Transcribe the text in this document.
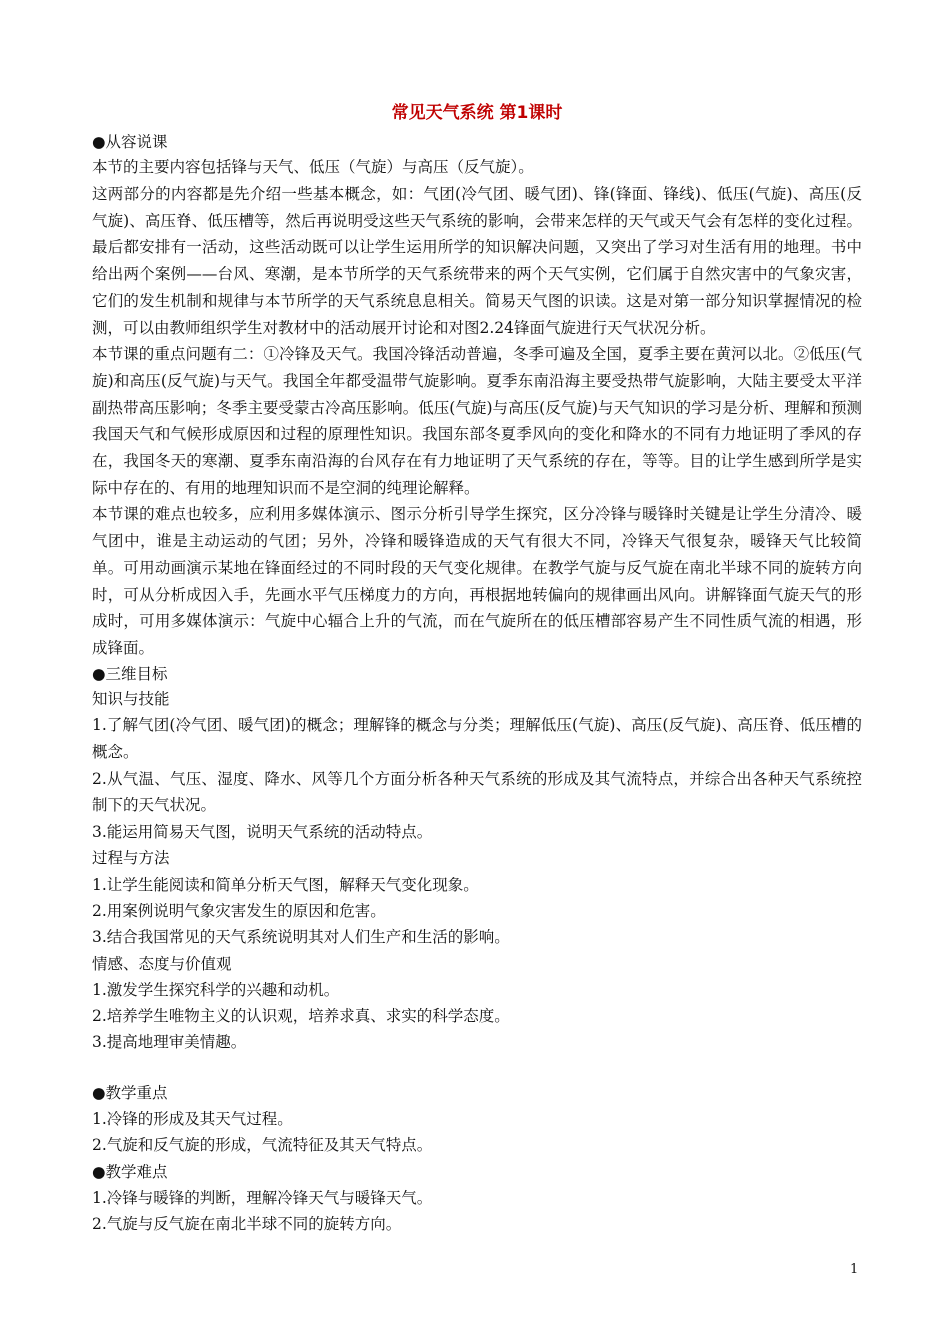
常见天气系统 第1课时

● 从容说课

本节的主要内容包括锋与天气、低压（气旋）与高压（反气旋）。

这两部分的内容都是先介绍一些基本概念，如：气团(冷气团、暖气团)、锋(锋面、锋线)、低压(气旋)、高压(反气旋)、高压脊、低压槽等，然后再说明受这些天气系统的影响，会带来怎样的天气或天气会有怎样的变化过程。最后都安排有一活动，这些活动既可以让学生运用所学的知识解决问题，又突出了学习对生活有用的地理。书中给出两个案例——台风、寒潮，是本节所学的天气系统带来的两个天气实例，它们属于自然灾害中的气象灾害，它们的发生机制和规律与本节所学的天气系统息息相关。简易天气图的识读。这是对第一部分知识掌握情况的检测，可以由教师组织学生对教材中的活动展开讨论和对图2.24锋面气旋进行天气状况分析。

本节课的重点问题有二：①冷锋及天气。我国冷锋活动普遍，冬季可遍及全国，夏季主要在黄河以北。②低压(气旋)和高压(反气旋)与天气。我国全年都受温带气旋影响。夏季东南沿海主要受热带气旋影响，大陆主要受太平洋副热带高压影响；冬季主要受蒙古冷高压影响。低压(气旋)与高压(反气旋)与天气知识的学习是分析、理解和预测我国天气和气候形成原因和过程的原理性知识。我国东部冬夏季风向的变化和降水的不同有力地证明了季风的存在，我国冬天的寒潮、夏季东南沿海的台风存在有力地证明了天气系统的存在，等等。目的让学生感到所学是实际中存在的、有用的地理知识而不是空洞的纯理论解释。

本节课的难点也较多，应利用多媒体演示、图示分析引导学生探究，区分冷锋与暖锋时关键是让学生分清冷、暖气团中，谁是主动运动的气团；另外，冷锋和暖锋造成的天气有很大不同，冷锋天气很复杂，暖锋天气比较简单。可用动画演示某地在锋面经过的不同时段的天气变化规律。在教学气旋与反气旋在南北半球不同的旋转方向时，可从分析成因入手，先画水平气压梯度力的方向，再根据地转偏向的规律画出风向。讲解锋面气旋天气的形成时，可用多媒体演示：气旋中心辐合上升的气流，而在气旋所在的低压槽部容易产生不同性质气流的相遇，形成锋面。

● 三维目标

知识与技能

1.了解气团(冷气团、暖气团)的概念；理解锋的概念与分类；理解低压(气旋)、高压(反气旋)、高压脊、低压槽的概念。

2.从气温、气压、湿度、降水、风等几个方面分析各种天气系统的形成及其气流特点，并综合出各种天气系统控制下的天气状况。

3.能运用简易天气图，说明天气系统的活动特点。

过程与方法

1.让学生能阅读和简单分析天气图，解释天气变化现象。

2.用案例说明气象灾害发生的原因和危害。

3.结合我国常见的天气系统说明其对人们生产和生活的影响。

情感、态度与价值观

1.激发学生探究科学的兴趣和动机。

2.培养学生唯物主义的认识观，培养求真、求实的科学态度。

3.提高地理审美情趣。

● 教学重点

1.冷锋的形成及其天气过程。

2.气旋和反气旋的形成，气流特征及其天气特点。

● 教学难点

1.冷锋与暖锋的判断，理解冷锋天气与暖锋天气。

2.气旋与反气旋在南北半球不同的旋转方向。

1
